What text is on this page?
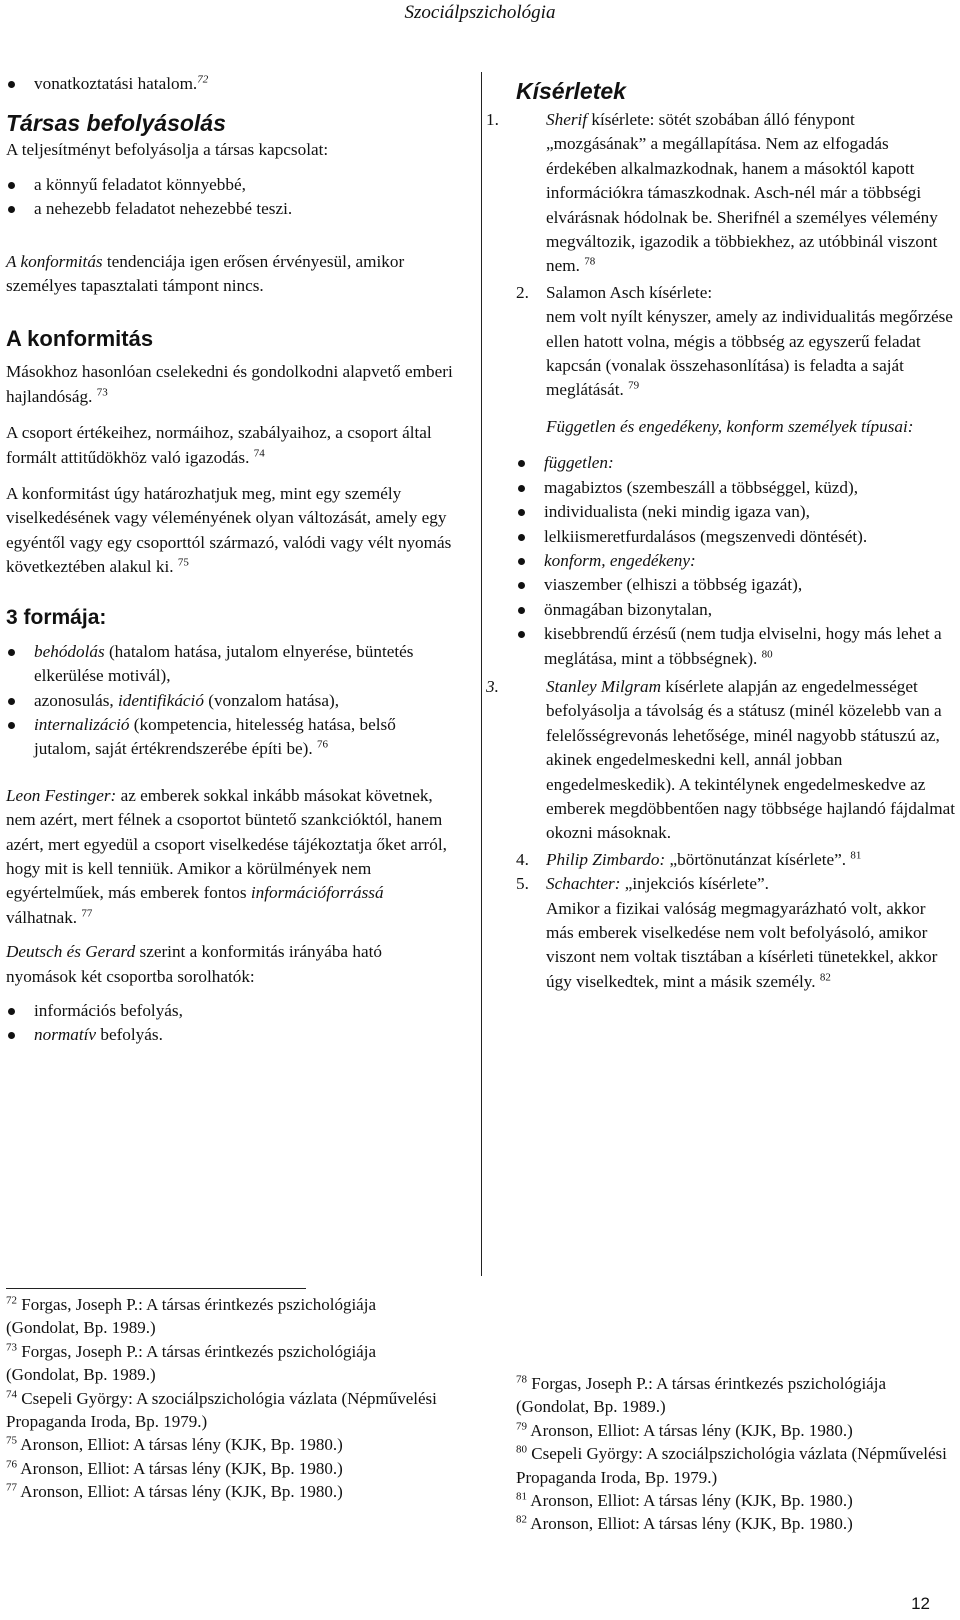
Szociálpszichológia
vonatkoztatási hatalom.$^{72}$
Társas befolyásolás

A teljesítményt befolyásolja a társas kapcsolat:

a könnyű feladatot könnyebbé,
a nehezebb feladatot nehezebbé teszi.

A konformitás tendenciája igen erősen érvényesül, amikor személyes tapasztalati támpont nincs.

A konformitás

Másokhoz hasonlóan cselekedni és gondolkodni alapvető emberi hajlandóság. $^{73}$

A csoport értékeihez, normáihoz, szabályaihoz, a csoport által formált attitűdökhöz való igazodás. $^{74}$

A konformitást úgy határozhatjuk meg, mint egy személy viselkedésének vagy véleményének olyan változását, amely egy egyéntől vagy egy csoporttól származó, valódi vagy vélt nyomás következtében alakul ki. $^{75}$

3 formája:
behódolás (hatalom hatása, jutalom elnyerése, büntetés elkerülése motivál),
azonosulás, identifikáció (vonzalom hatása),
internalizáció (kompetencia, hitelesség hatása, belső jutalom, saját értékrendszerébe építi be). $^{76}$

Leon Festinger: az emberek sokkal inkább másokat követnek, nem azért, mert félnek a csoportot büntető szankcióktól, hanem azért, mert egyedül a csoport viselkedése tájékoztatja őket arról, hogy mit is kell tenniük. Amikor a körülmények nem egyértelműek, más emberek fontos információforrássá válhatnak. $^{77}$

Deutsch és Gerard szerint a konformitás irányába ható nyomások két csoportba sorolhatók:

információs befolyás,
normatív befolyás.
Kísérletek

1.	Sherif kísérlete: sötét szobában álló fénypont „mozgásának” a megállapítása. Nem az elfogadás érdekében alkalmazkodnak, hanem a másoktól kapott információkra támaszkodnak. Asch-nél már a többségi elvárásnak hódolnak be. Sherifnél a személyes vélemény megváltozik, igazodik a többiekhez, az utóbbinál viszont nem. $^{78}$

2. Salamon Asch kísérlete:

nem volt nyílt kényszer, amely az individualitás megőrzése ellen hatott volna, mégis a többség az egyszerű feladat kapcsán (vonalak összehasonlítása) is feladta a saját meglátását. $^{79}$

Független és engedékeny, konform személyek típusai:

független:
magabiztos (szembeszáll a többséggel, küzd),
individualista (neki mindig igaza van),
lelkiismeretfurdalásos (megszenvedi döntését).
konform, engedékeny:
viaszember (elhiszi a többség igazát),
önmagában bizonytalan,
kisebbrendű érzésű (nem tudja elviselni, hogy más lehet a meglátása, mint a többségnek). $^{80}$

3.	Stanley Milgram kísérlete alapján az engedelmességet befolyásolja a távolság és a státusz (minél közelebb van a felelősségrevonás lehetősége, minél nagyobb státuszú az, akinek engedelmeskedni kell, annál jobban engedelmeskedik). A tekintélynek engedelmeskedve az emberek megdöbbentően nagy többsége hajlandó fájdalmat okozni másoknak.

4. Philip Zimbardo: „börtönutánzat kísérlete”. $^{81}$

5. Schachter: „injekciós kísérlete”.

Amikor a fizikai valóság megmagyarázható volt, akkor más emberek viselkedése nem volt befolyásoló, amikor viszont nem voltak tisztában a kísérleti tünetekkel, akkor úgy viselkedtek, mint a másik személy. $^{82}$

$^{72}$ Forgas, Joseph P.: A társas érintkezés pszichológiája (Gondolat, Bp. 1989.)
$^{73}$ Forgas, Joseph P.: A társas érintkezés pszichológiája (Gondolat, Bp. 1989.)
$^{74}$ Csepeli György: A szociálpszichológia vázlata (Népművelési Propaganda Iroda, Bp. 1979.)
$^{75}$ Aronson, Elliot: A társas lény (KJK, Bp. 1980.)
$^{76}$ Aronson, Elliot: A társas lény (KJK, Bp. 1980.)
$^{77}$ Aronson, Elliot: A társas lény (KJK, Bp. 1980.)
$^{78}$ Forgas, Joseph P.: A társas érintkezés pszichológiája (Gondolat, Bp. 1989.)
$^{79}$ Aronson, Elliot: A társas lény (KJK, Bp. 1980.)
$^{80}$ Csepeli György: A szociálpszichológia vázlata (Népművelési Propaganda Iroda, Bp. 1979.)
$^{81}$ Aronson, Elliot: A társas lény (KJK, Bp. 1980.)
$^{82}$ Aronson, Elliot: A társas lény (KJK, Bp. 1980.)
12
